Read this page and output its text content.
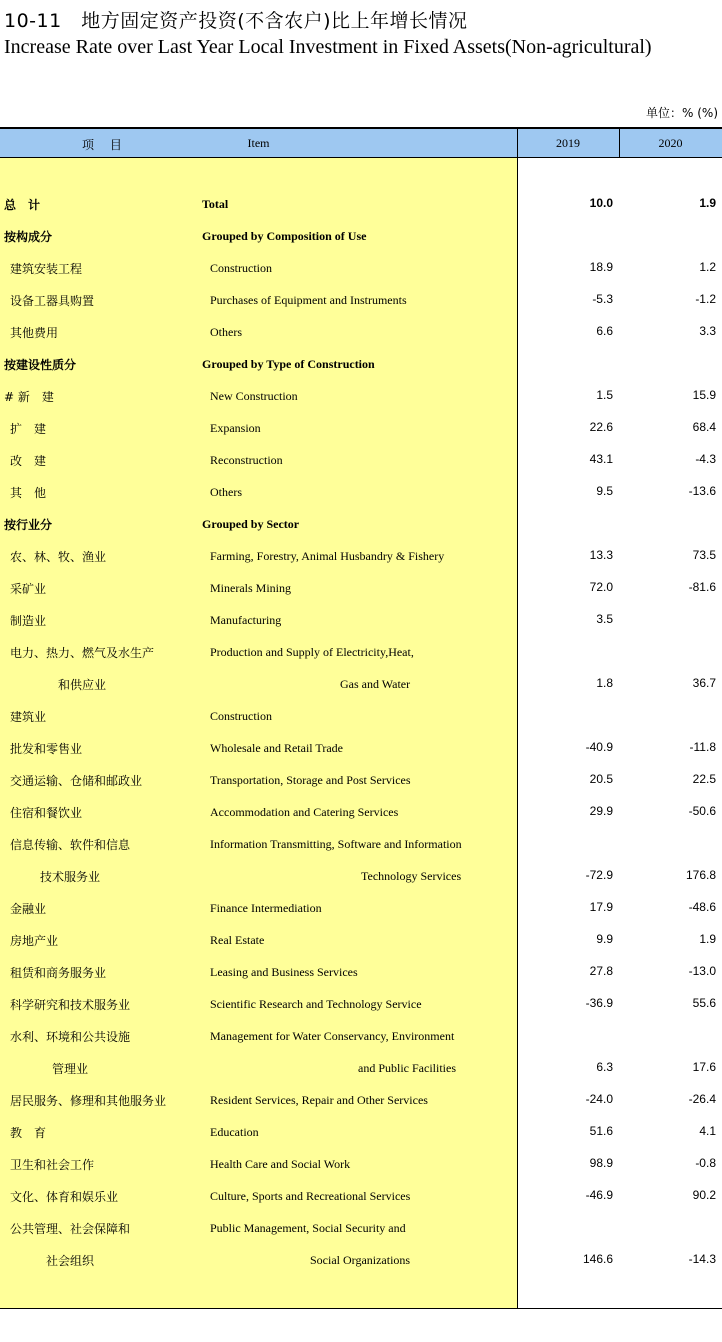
10-11　地方固定资产投资(不含农户)比上年增长情况
Increase Rate over Last Year Local Investment in Fixed Assets(Non-agricultural)
单位：% (%)
项 目	Item	2019	2020
总　计	Total	10.0	1.9
按构成分	Grouped by Composition of Use
建筑安装工程	Construction	18.9	1.2
设备工器具购置	Purchases of Equipment and Instruments	-5.3	-1.2
其他费用	Others	6.6	3.3
按建设性质分	Grouped by Type of Construction
# 新　建	New Construction	1.5	15.9
扩　建	Expansion	22.6	68.4
改　建	Reconstruction	43.1	-4.3
其　他	Others	9.5	-13.6
按行业分	Grouped by Sector
农、林、牧、渔业	Farming, Forestry, Animal Husbandry & Fishery	13.3	73.5
采矿业	Minerals Mining	72.0	-81.6
制造业	Manufacturing	3.5
电力、热力、燃气及水生产	Production and Supply of Electricity,Heat,
和供应业	Gas and Water	1.8	36.7
建筑业	Construction
批发和零售业	Wholesale and Retail Trade	-40.9	-11.8
交通运输、仓储和邮政业	Transportation, Storage and Post Services	20.5	22.5
住宿和餐饮业	Accommodation and Catering Services	29.9	-50.6
信息传输、软件和信息	Information Transmitting, Software and Information
技术服务业	Technology Services	-72.9	176.8
金融业	Finance Intermediation	17.9	-48.6
房地产业	Real Estate	9.9	1.9
租赁和商务服务业	Leasing and Business Services	27.8	-13.0
科学研究和技术服务业	Scientific Research and Technology Service	-36.9	55.6
水利、环境和公共设施	Management for Water Conservancy, Environment
管理业	and Public Facilities	6.3	17.6
居民服务、修理和其他服务业	Resident Services, Repair and Other Services	-24.0	-26.4
教　育	Education	51.6	4.1
卫生和社会工作	Health Care and Social Work	98.9	-0.8
文化、体育和娱乐业	Culture, Sports and Recreational Services	-46.9	90.2
公共管理、社会保障和	Public Management, Social Security and
社会组织	Social Organizations	146.6	-14.3
